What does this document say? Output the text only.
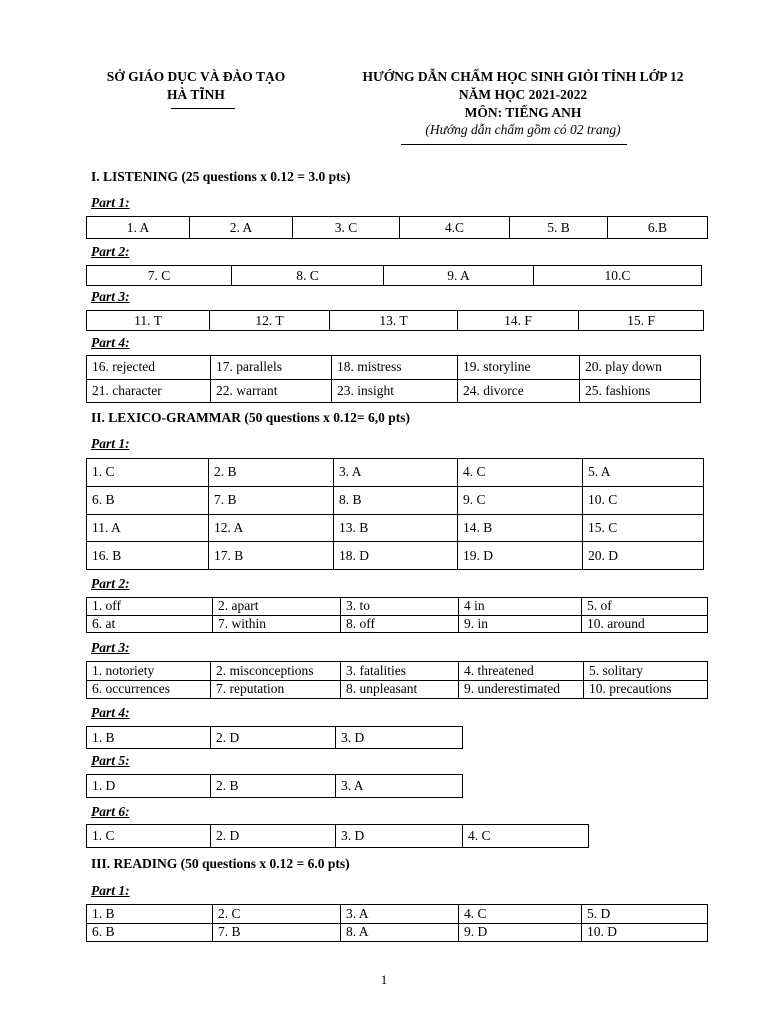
SỞ GIÁO DỤC VÀ ĐÀO TẠO
HÀ TĨNH
HƯỚNG DẪN CHẤM HỌC SINH GIỎI TỈNH LỚP 12
NĂM HỌC 2021-2022
MÔN: TIẾNG ANH
(Hướng dẫn chấm gồm có 02 trang)
I. LISTENING (25 questions x 0.12 = 3.0 pts)
Part 1:
1. A	2. A	3. C	4.C	5. B	6.B
Part 2:
7. C	8. C	9. A	10.C
Part 3:
11. T	12. T	13. T	14. F	15. F
Part 4:
16. rejected	17. parallels	18. mistress	19. storyline	20. play down
21. character	22. warrant	23. insight	24. divorce	25. fashions
II. LEXICO-GRAMMAR (50 questions x 0.12= 6,0 pts)
Part 1:
1. C	2. B	3. A	4. C	5. A
6. B	7. B	8. B	9. C	10. C
11. A	12. A	13. B	14. B	15. C
16. B	17. B	18. D	19. D	20. D
Part 2:
1. off	2. apart	3. to	4 in	5. of
6. at	7. within	8. off	9. in	10. around
Part 3:
1. notoriety	2. misconceptions	3. fatalities	4. threatened	5. solitary
6. occurrences	7. reputation	8. unpleasant	9. underestimated	10. precautions
Part 4:
1. B	2. D	3. D
Part 5:
1. D	2. B	3. A
Part 6:
1. C	2. D	3. D	4. C
III. READING (50 questions x 0.12 = 6.0 pts)
Part 1:
1. B	2. C	3. A	4. C	5. D
6. B	7. B	8. A	9. D	10. D
1
